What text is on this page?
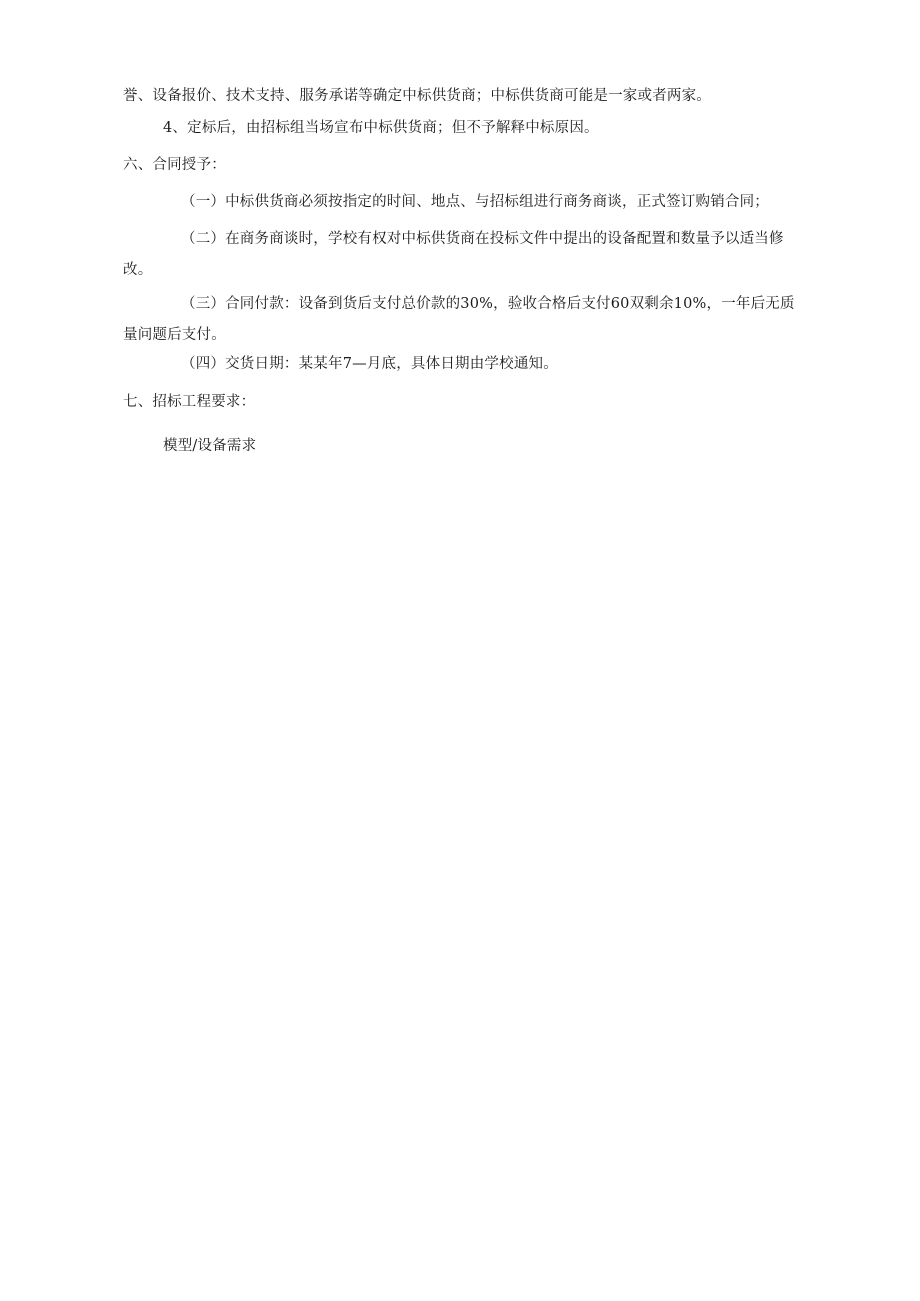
誉、设备报价、技术支持、服务承诺等确定中标供货商；中标供货商可能是一家或者两家。
4、定标后，由招标组当场宣布中标供货商；但不予解释中标原因。
六、合同授予：
（一）中标供货商必须按指定的时间、地点、与招标组进行商务商谈，正式签订购销合同；
（二）在商务商谈时，学校有权对中标供货商在投标文件中提出的设备配置和数量予以适当修改。
（三）合同付款：设备到货后支付总价款的30%，验收合格后支付60双剩余10%，一年后无质量问题后支付。
（四）交货日期：某某年7—月底，具体日期由学校通知。
七、招标工程要求：
模型/设备需求
